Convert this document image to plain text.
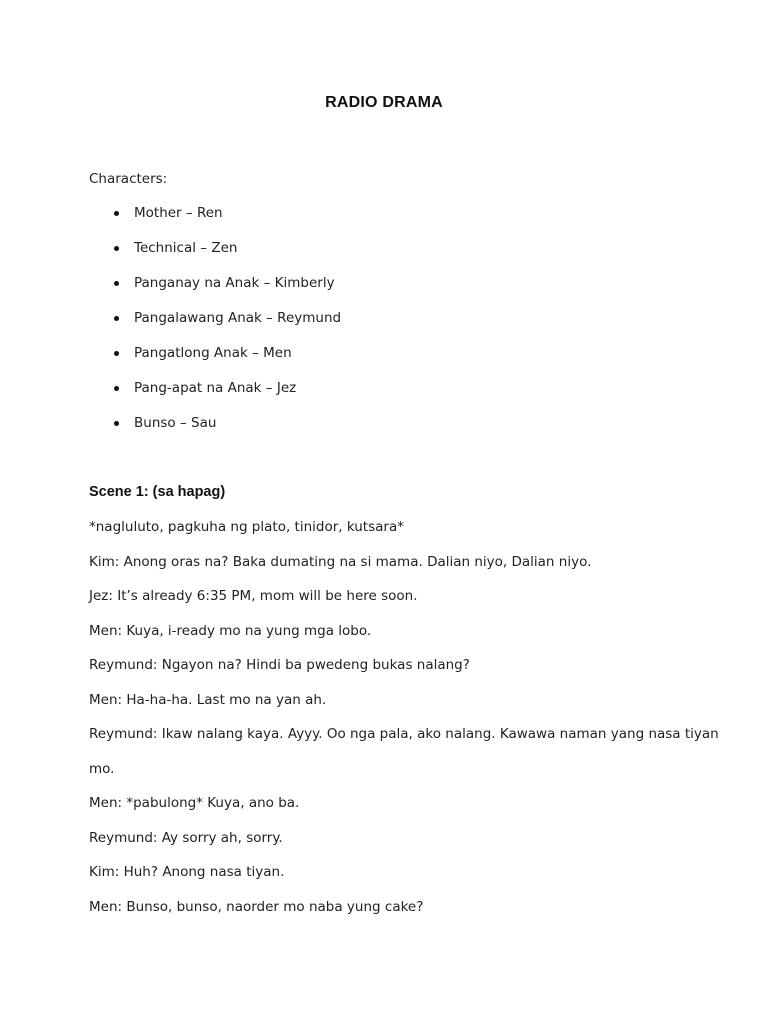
RADIO DRAMA
Characters:
Mother – Ren
Technical – Zen
Panganay na Anak – Kimberly
Pangalawang Anak – Reymund
Pangatlong Anak – Men
Pang-apat na Anak – Jez
Bunso – Sau
Scene 1: (sa hapag)
*nagluluto, pagkuha ng plato, tinidor, kutsara*
Kim: Anong oras na? Baka dumating na si mama. Dalian niyo, Dalian niyo.
Jez: It’s already 6:35 PM, mom will be here soon.
Men: Kuya, i-ready mo na yung mga lobo.
Reymund: Ngayon na? Hindi ba pwedeng bukas nalang?
Men: Ha-ha-ha. Last mo na yan ah.
Reymund: Ikaw nalang kaya. Ayyy. Oo nga pala, ako nalang. Kawawa naman yang nasa tiyan
mo.
Men: *pabulong* Kuya, ano ba.
Reymund: Ay sorry ah, sorry.
Kim: Huh? Anong nasa tiyan.
Men: Bunso, bunso, naorder mo naba yung cake?
